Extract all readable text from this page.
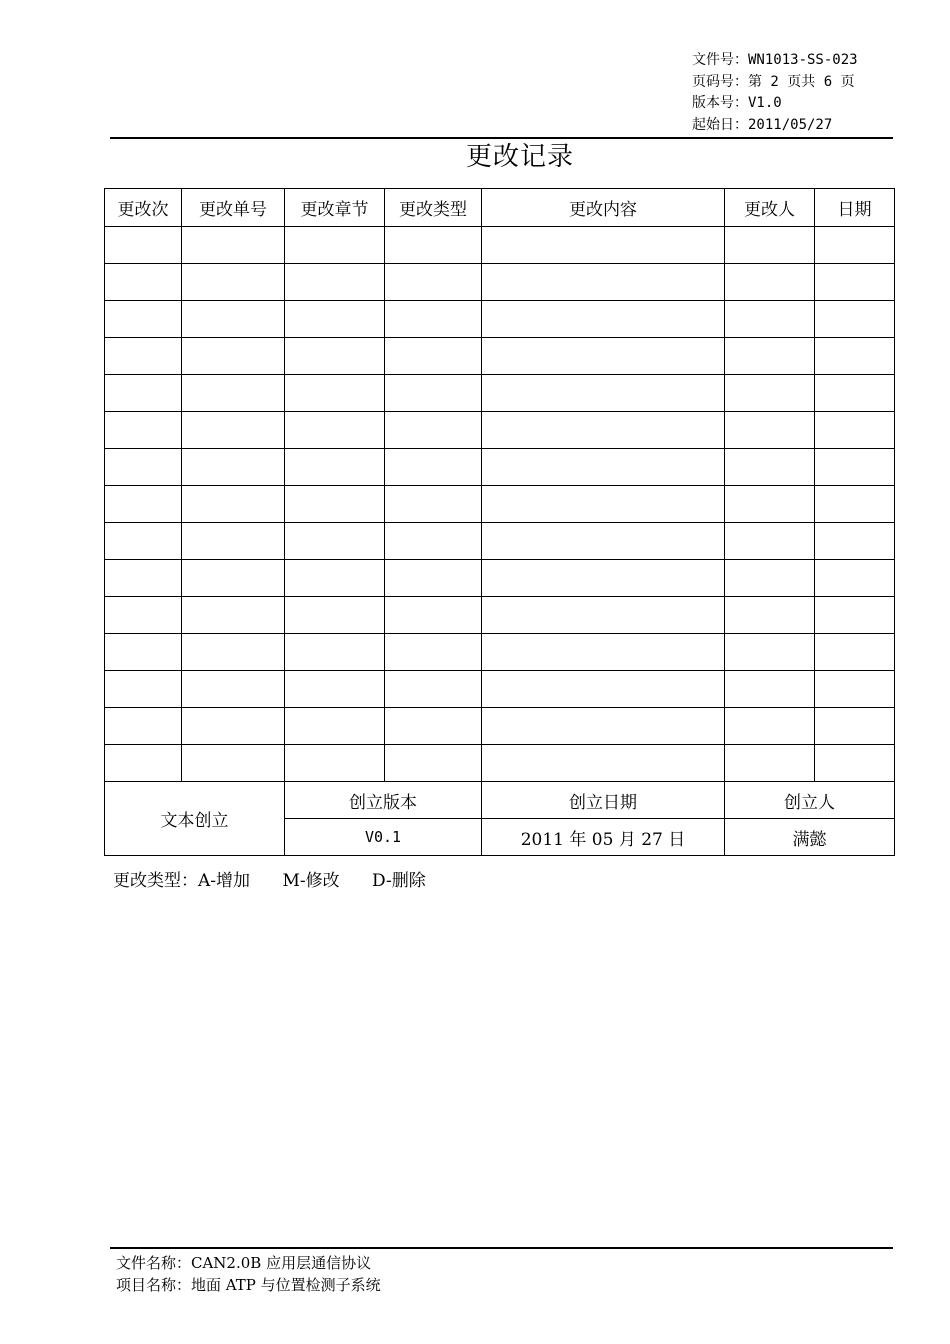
文件号：WN1013-SS-023
页码号：第 2 页共 6 页
版本号：V1.0
起始日：2011/05/27
更改记录
更改次	更改单号	更改章节	更改类型	更改内容	更改人	日期

文本创立		创立版本		创立日期	创立人	
		V0.1		2011 年 05 月 27 日	满懿	
更改类型：A-增加      M-修改      D-删除
文件名称：CAN2.0B 应用层通信协议
项目名称：地面 ATP 与位置检测子系统
